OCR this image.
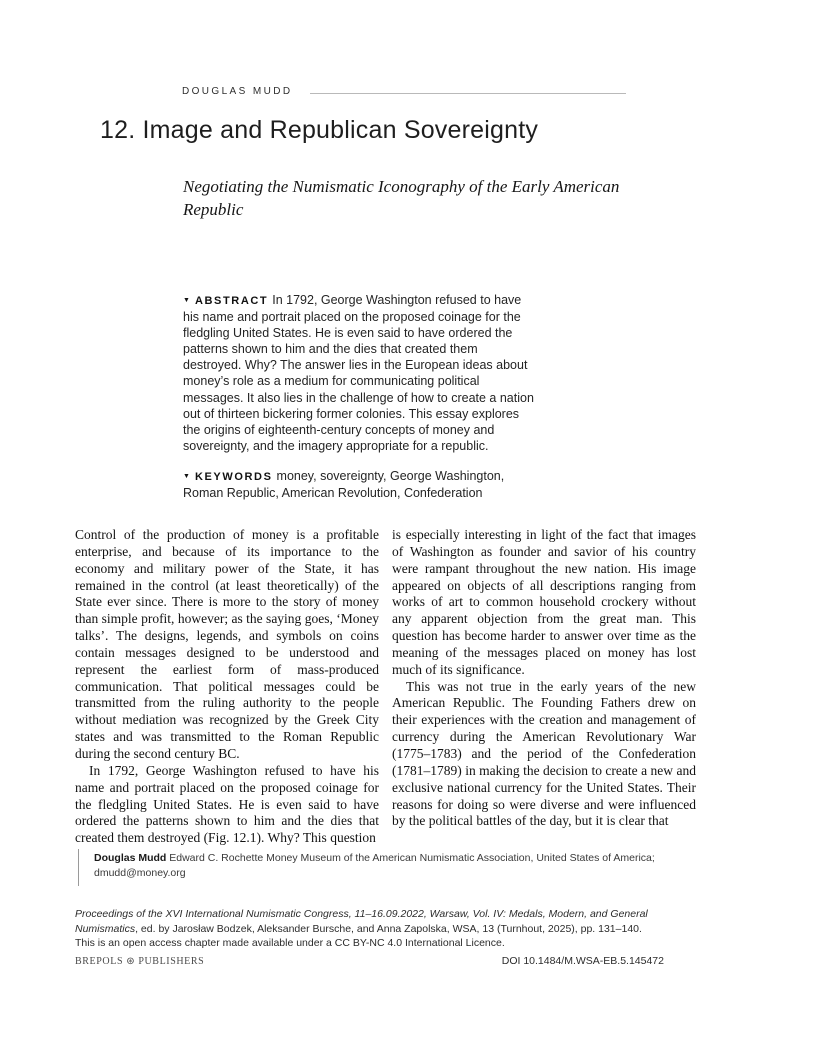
DOUGLAS MUDD
12. Image and Republican Sovereignty
Negotiating the Numismatic Iconography of the Early American Republic
▼ ABSTRACT In 1792, George Washington refused to have his name and portrait placed on the proposed coinage for the fledgling United States. He is even said to have ordered the patterns shown to him and the dies that created them destroyed. Why? The answer lies in the European ideas about money’s role as a medium for communicating political messages. It also lies in the challenge of how to create a nation out of thirteen bickering former colonies. This essay explores the origins of eighteenth-century concepts of money and sovereignty, and the imagery appropriate for a republic.
▼ KEYWORDS money, sovereignty, George Washington, Roman Republic, American Revolution, Confederation

Control of the production of money is a profitable enterprise, and because of its importance to the economy and military power of the State, it has remained in the control (at least theoretically) of the State ever since. There is more to the story of money than simple profit, however; as the saying goes, ‘Money talks’. The designs, legends, and symbols on coins contain messages designed to be understood and represent the earliest form of mass-produced communication. That political messages could be transmitted from the ruling authority to the people without mediation was recognized by the Greek City states and was transmitted to the Roman Republic during the second century BC.

In 1792, George Washington refused to have his name and portrait placed on the proposed coinage for the fledgling United States. He is even said to have ordered the patterns shown to him and the dies that created them destroyed (Fig. 12.1). Why? This question

is especially interesting in light of the fact that images of Washington as founder and savior of his country were rampant throughout the new nation. His image appeared on objects of all descriptions ranging from works of art to common household crockery without any apparent objection from the great man. This question has become harder to answer over time as the meaning of the messages placed on money has lost much of its significance.

This was not true in the early years of the new American Republic. The Founding Fathers drew on their experiences with the creation and management of currency during the American Revolutionary War (1775–1783) and the period of the Confederation (1781–1789) in making the decision to create a new and exclusive national currency for the United States. Their reasons for doing so were diverse and were influenced by the political battles of the day, but it is clear that

Douglas Mudd Edward C. Rochette Money Museum of the American Numismatic Association, United States of America; dmudd@money.org
Proceedings of the XVI International Numismatic Congress, 11–16.09.2022, Warsaw, Vol. IV: Medals, Modern, and General Numismatics, ed. by Jarosław Bodzek, Aleksander Bursche, and Anna Zapolska, WSA, 13 (Turnhout, 2025), pp. 131–140.
This is an open access chapter made available under a CC BY-NC 4.0 International Licence.
BREPOLS ⊛ PUBLISHERS	DOI 10.1484/M.WSA-EB.5.145472
